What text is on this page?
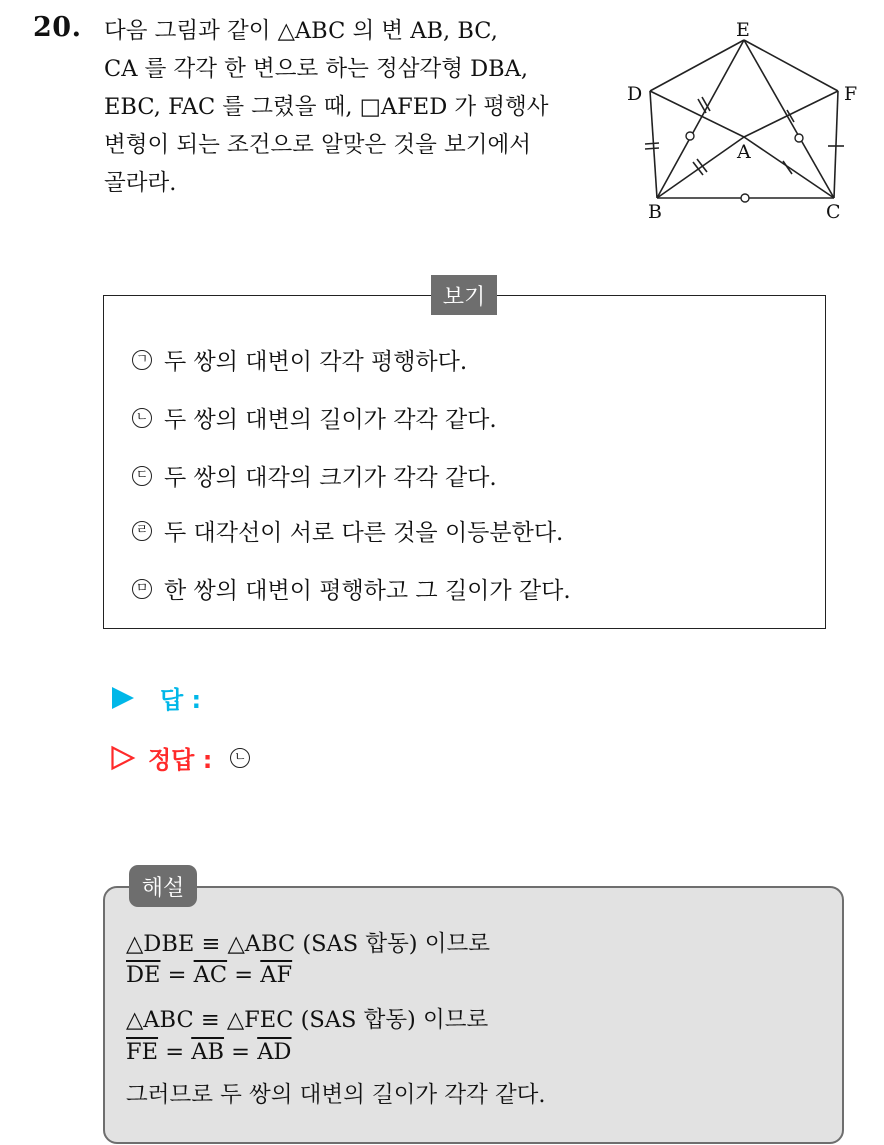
20. 다음 그림과 같이 △ABC 의 변 AB, BC,
CA 를 각각 한 변으로 하는 정삼각형 DBA,
EBC, FAC 를 그렸을 때, □AFED 가 평행사
변형이 되는 조건으로 알맞은 것을 보기에서
골라라.
E
D	F
A
B	C
보기
ㄱ 두 쌍의 대변이 각각 평행하다.
ㄴ 두 쌍의 대변의 길이가 각각 같다.
ㄷ 두 쌍의 대각의 크기가 각각 같다.
ㄹ 두 대각선이 서로 다른 것을 이등분한다.
ㅁ 한 쌍의 대변이 평행하고 그 길이가 같다.
답 :
정답 : ㄴ
해설
△DBE ≡ △ABC (SAS 합동) 이므로
$\overline{DE} = \overline{AC} = \overline{AF}$
△ABC ≡ △FEC (SAS 합동) 이므로
$\overline{FE} = \overline{AB} = \overline{AD}$
그러므로 두 쌍의 대변의 길이가 각각 같다.
